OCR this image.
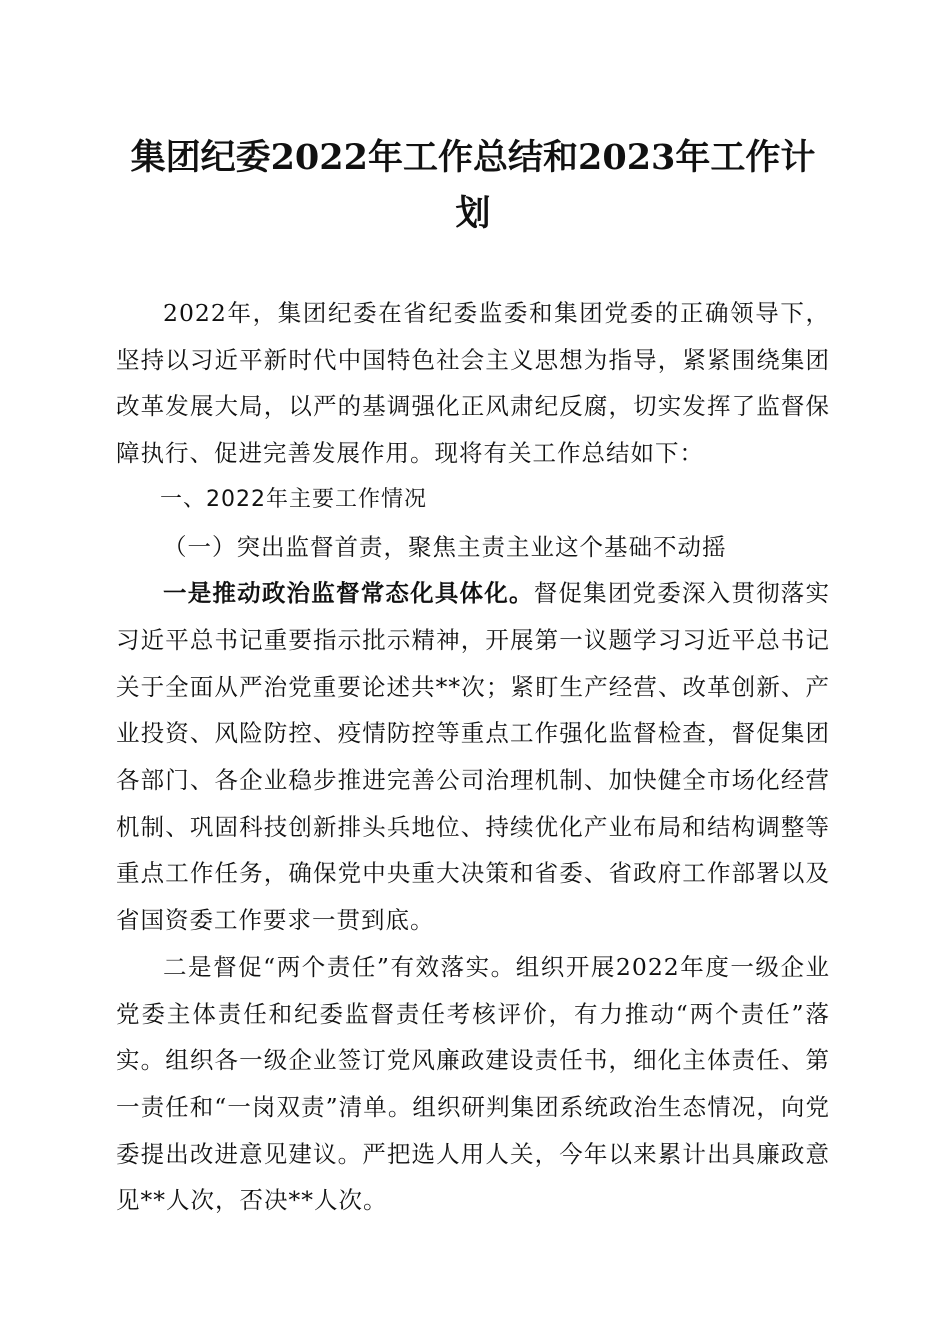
集团纪委2022年工作总结和2023年工作计划

2022年，集团纪委在省纪委监委和集团党委的正确领导下，坚持以习近平新时代中国特色社会主义思想为指导，紧紧围绕集团改革发展大局，以严的基调强化正风肃纪反腐，切实发挥了监督保障执行、促进完善发展作用。现将有关工作总结如下：

一、2022年主要工作情况

（一）突出监督首责，聚焦主责主业这个基础不动摇

一是推动政治监督常态化具体化。督促集团党委深入贯彻落实习近平总书记重要指示批示精神，开展第一议题学习习近平总书记关于全面从严治党重要论述共**次；紧盯生产经营、改革创新、产业投资、风险防控、疫情防控等重点工作强化监督检查，督促集团各部门、各企业稳步推进完善公司治理机制、加快健全市场化经营机制、巩固科技创新排头兵地位、持续优化产业布局和结构调整等重点工作任务，确保党中央重大决策和省委、省政府工作部署以及省国资委工作要求一贯到底。

二是督促“两个责任”有效落实。组织开展2022年度一级企业党委主体责任和纪委监督责任考核评价，有力推动“两个责任”落实。组织各一级企业签订党风廉政建设责任书，细化主体责任、第一责任和“一岗双责”清单。组织研判集团系统政治生态情况，向党委提出改进意见建议。严把选人用人关，今年以来累计出具廉政意见**人次，否决**人次。
